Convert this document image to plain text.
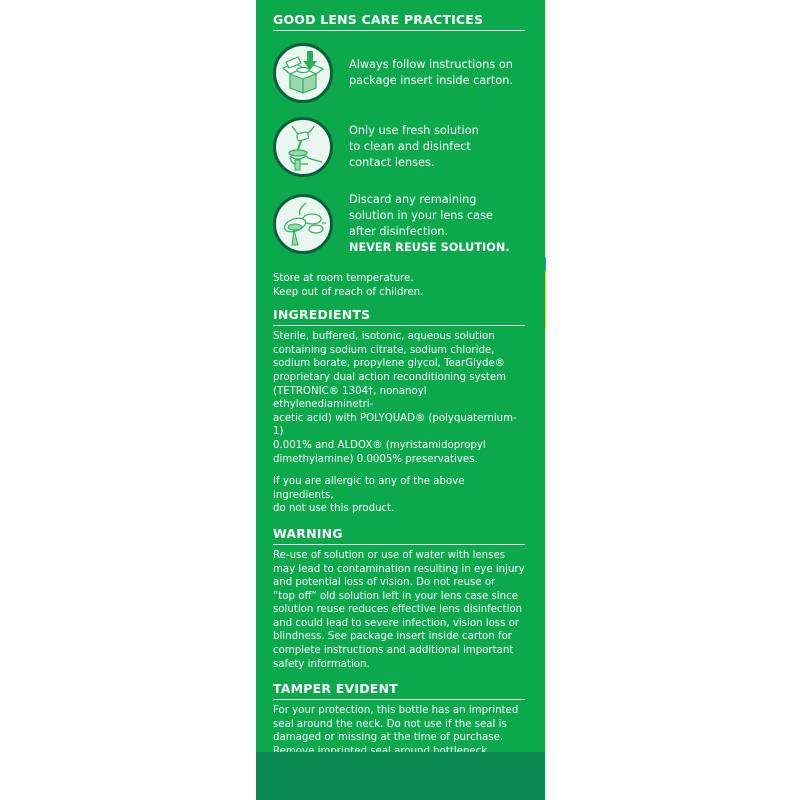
GOOD LENS CARE PRACTICES
Always follow instructions on
package insert inside carton.
Only use fresh solution
to clean and disinfect
contact lenses.
Discard any remaining
solution in your lens case
after disinfection.
NEVER REUSE SOLUTION.

Store at room temperature.
Keep out of reach of children.

INGREDIENTS

Sterile, buffered, isotonic, aqueous solution
containing sodium citrate, sodium chloride,
sodium borate, propylene glycol, TearGlyde®
proprietary dual action reconditioning system
(TETRONIC® 1304†, nonanoyl ethylenediaminetri-
acetic acid) with POLYQUAD® (polyquaternium-1)
0.001% and ALDOX® (myristamidopropyl
dimethylamine) 0.0005% preservatives.

If you are allergic to any of the above ingredients,
do not use this product.

WARNING

Re-use of solution or use of water with lenses
may lead to contamination resulting in eye injury
and potential loss of vision. Do not reuse or
“top off” old solution left in your lens case since
solution reuse reduces effective lens disinfection
and could lead to severe infection, vision loss or
blindness. See package insert inside carton for
complete instructions and additional important
safety information.

TAMPER EVIDENT

For your protection, this bottle has an imprinted
seal around the neck. Do not use if the seal is
damaged or missing at the time of purchase.
